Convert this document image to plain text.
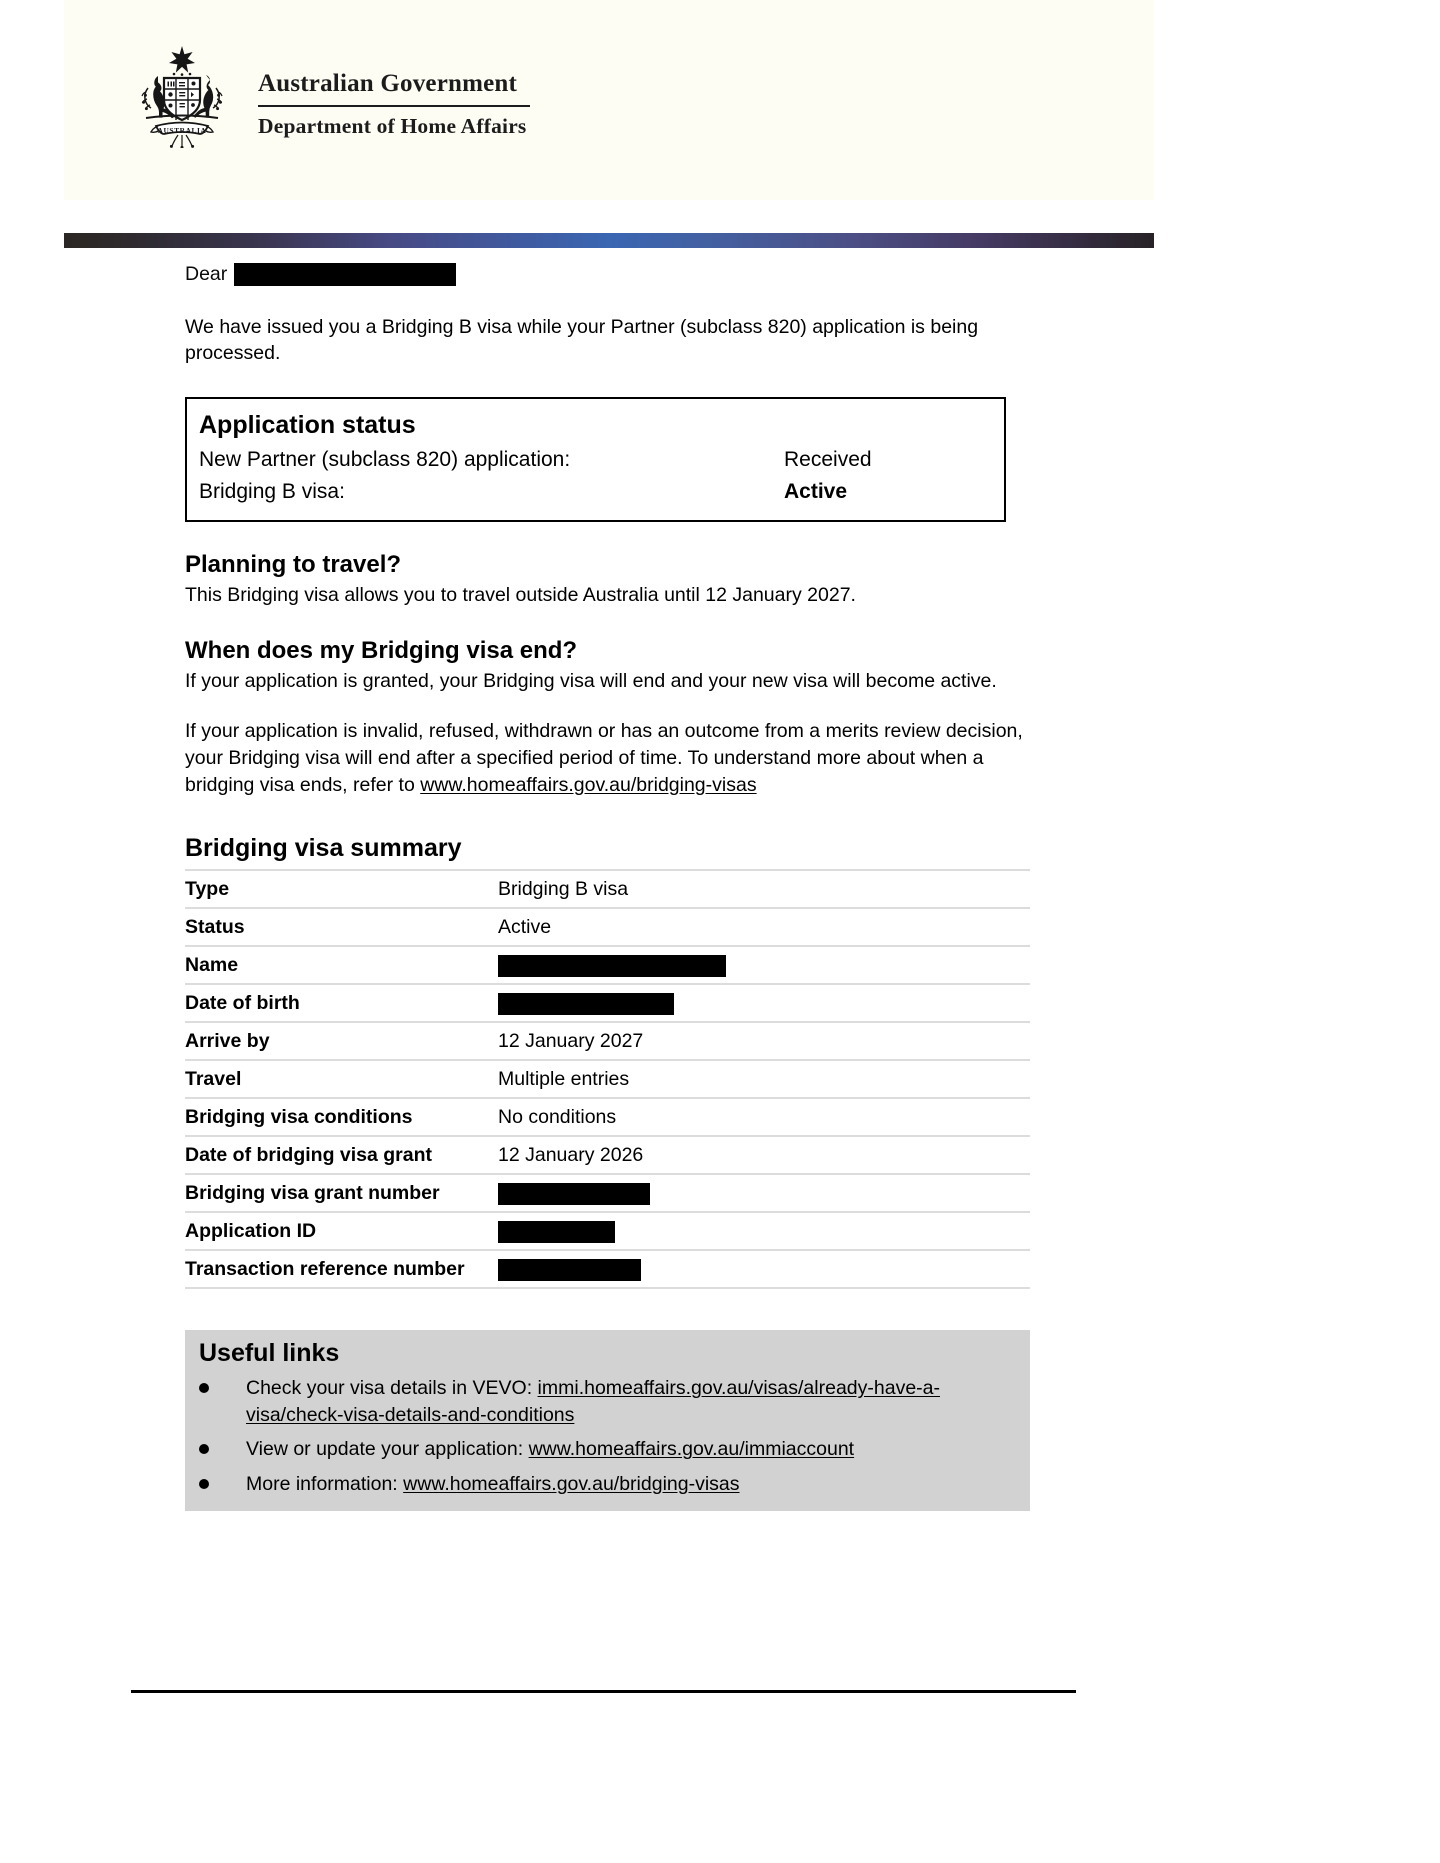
AUSTRALIA
Australian Government
Department of Home Affairs
Dear

We have issued you a Bridging B visa while your Partner (subclass 820) application is being processed.

Application status
New Partner (subclass 820) application:	Received
Bridging B visa:	Active
Planning to travel?

This Bridging visa allows you to travel outside Australia until 12 January 2027.

When does my Bridging visa end?

If your application is granted, your Bridging visa will end and your new visa will become active.

If your application is invalid, refused, withdrawn or has an outcome from a merits review decision, your Bridging visa will end after a specified period of time. To understand more about when a bridging visa ends, refer to www.homeaffairs.gov.au/bridging-visas

Bridging visa summary
Type	Bridging B visa
Status	Active
Name	
Date of birth	
Arrive by	12 January 2027
Travel	Multiple entries
Bridging visa conditions	No conditions
Date of bridging visa grant	12 January 2026
Bridging visa grant number	
Application ID	
Transaction reference number	
Useful links
Check your visa details in VEVO: immi.homeaffairs.gov.au/visas/already-have-a-visa/check-visa-details-and-conditions
View or update your application: www.homeaffairs.gov.au/immiaccount
More information: www.homeaffairs.gov.au/bridging-visas
